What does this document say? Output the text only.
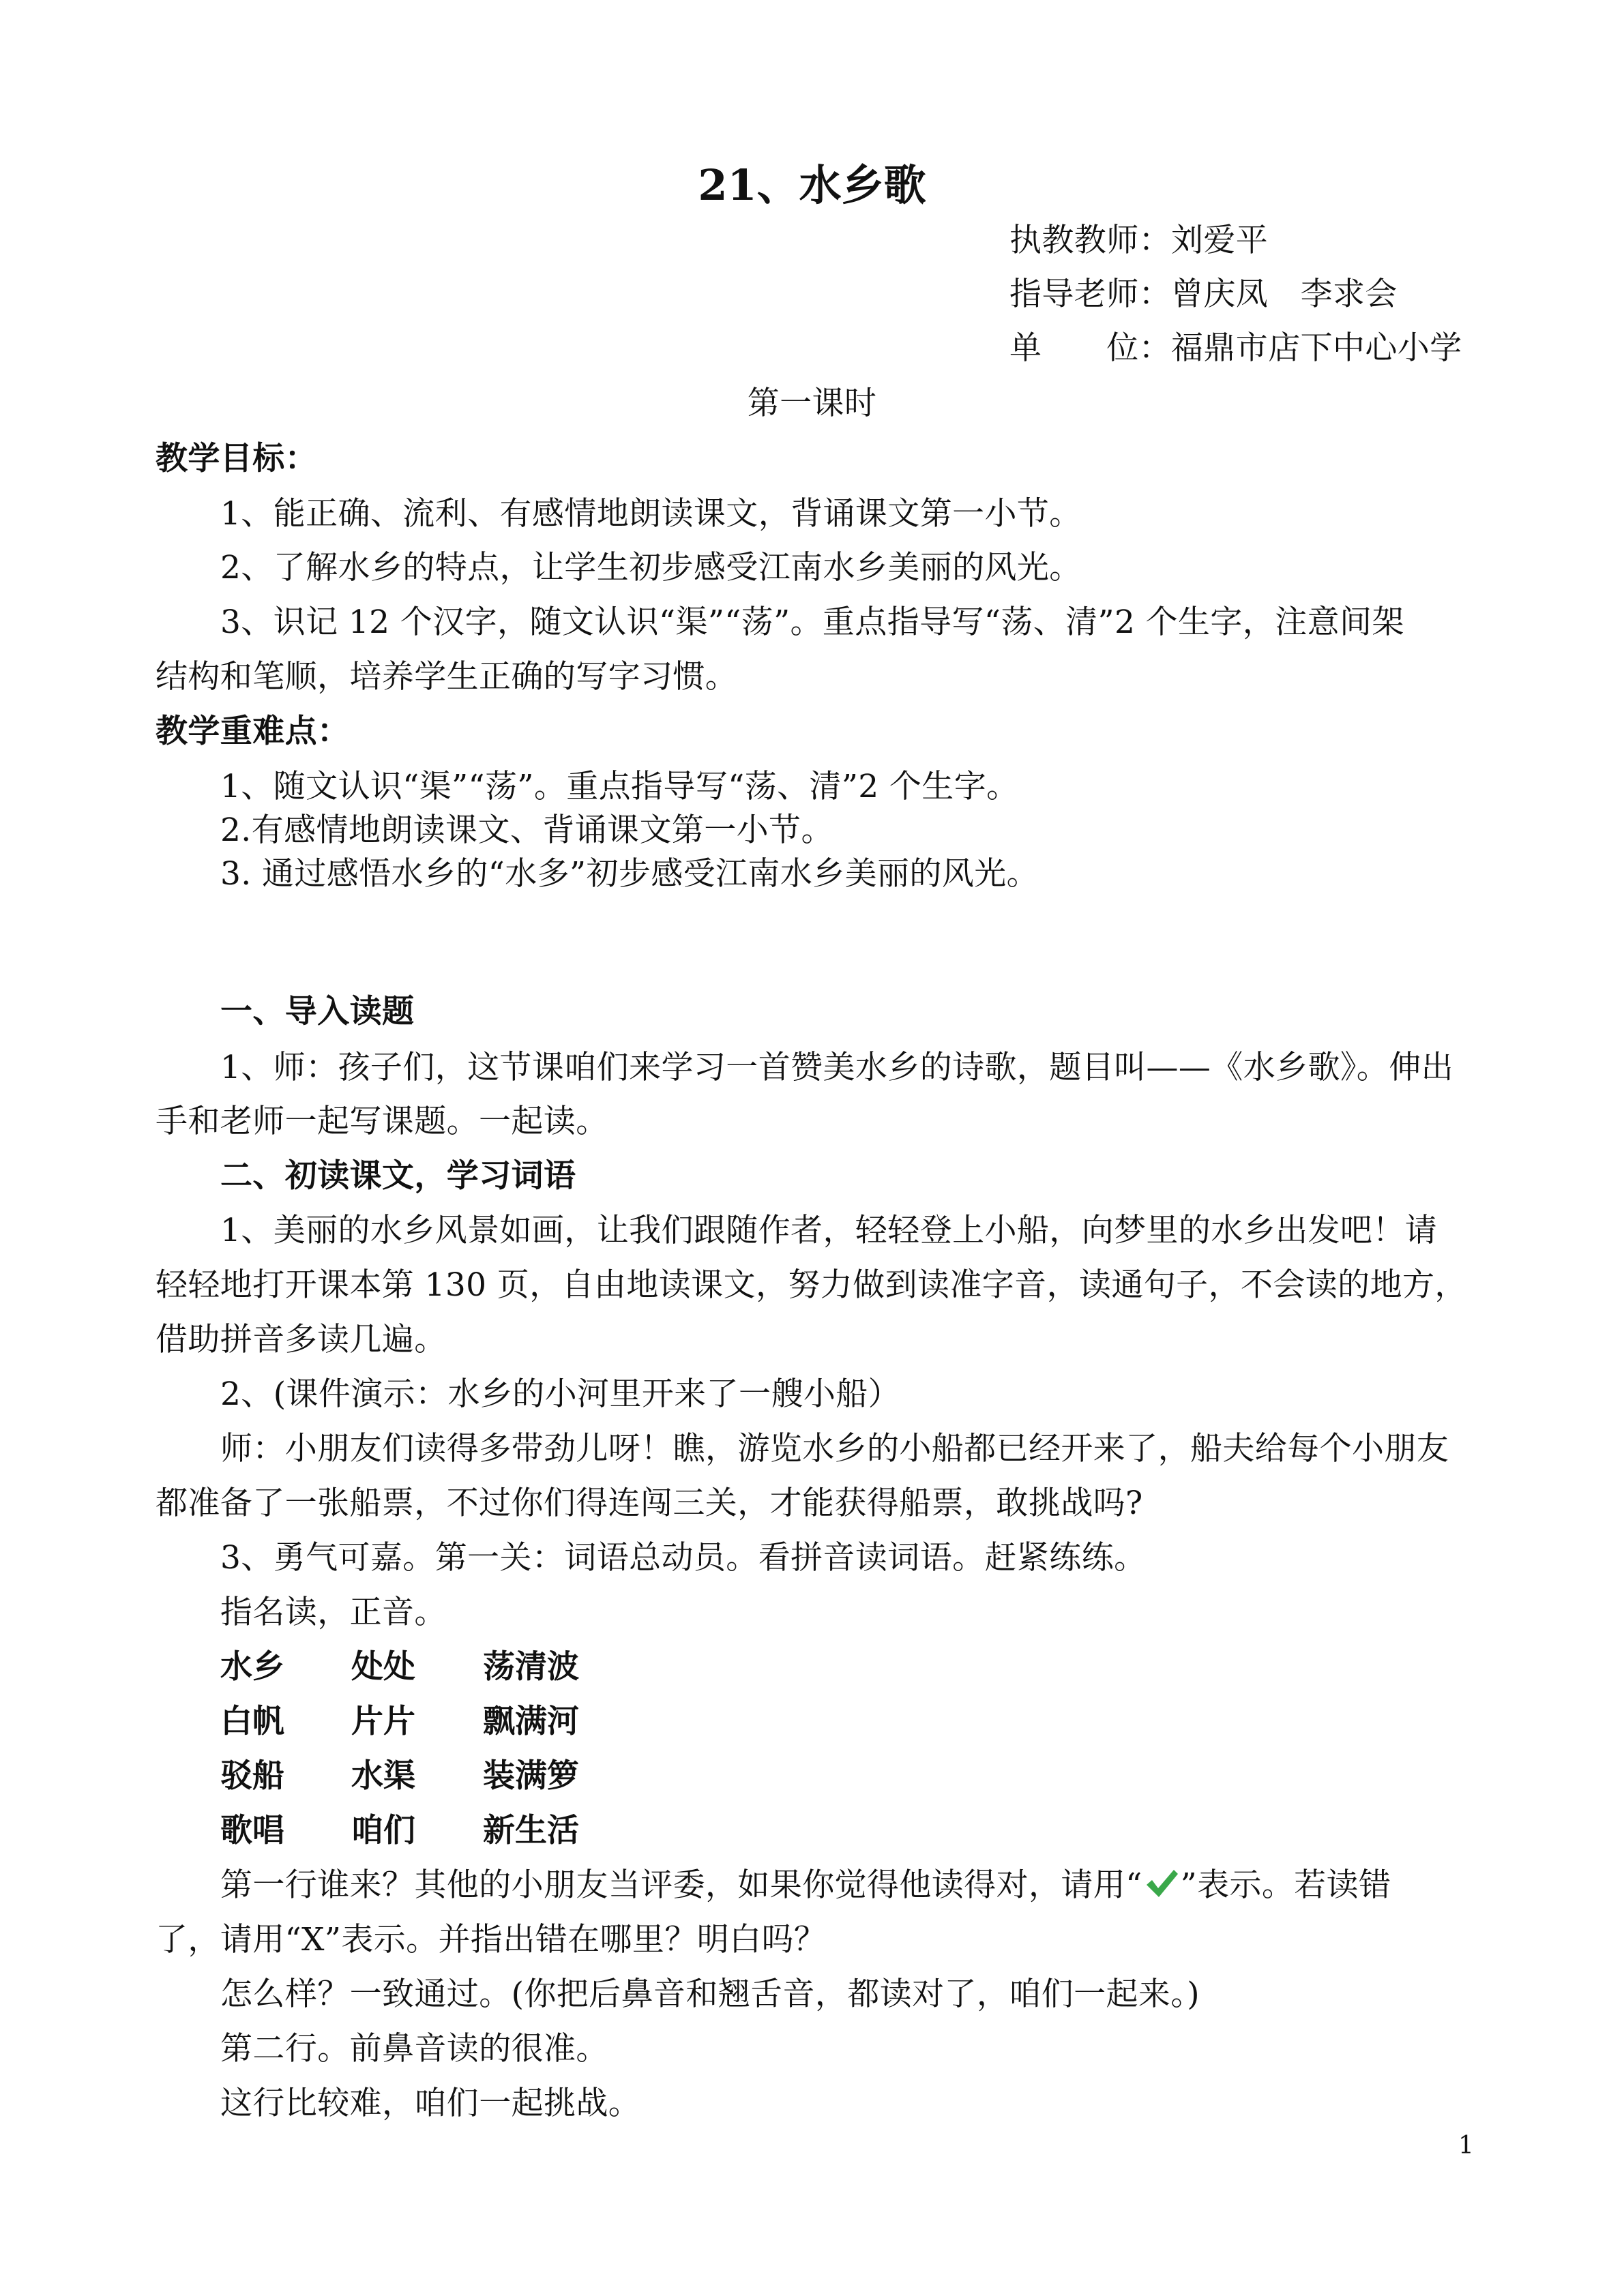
21、水乡歌
执教教师：刘爱平
指导老师：曾庆凤　李求会
单　　位：福鼎市店下中心小学
第一课时
教学目标：
1、能正确、流利、有感情地朗读课文，背诵课文第一小节。
2、了解水乡的特点，让学生初步感受江南水乡美丽的风光。
3、识记 12 个汉字，随文认识“渠”“荡”。重点指导写“荡、清”2 个生字，注意间架
结构和笔顺，培养学生正确的写字习惯。
教学重难点：
1、随文认识“渠”“荡”。重点指导写“荡、清”2 个生字。
2.有感情地朗读课文、背诵课文第一小节。
3. 通过感悟水乡的“水多”初步感受江南水乡美丽的风光。
一、导入读题
1、师：孩子们，这节课咱们来学习一首赞美水乡的诗歌，题目叫——《水乡歌》。伸出
手和老师一起写课题。一起读。
二、初读课文，学习词语
1、美丽的水乡风景如画，让我们跟随作者，轻轻登上小船，向梦里的水乡出发吧！请
轻轻地打开课本第 130 页，自由地读课文，努力做到读准字音，读通句子，不会读的地方，
借助拼音多读几遍。
2、(课件演示：水乡的小河里开来了一艘小船）
师：小朋友们读得多带劲儿呀！瞧，游览水乡的小船都已经开来了，船夫给每个小朋友
都准备了一张船票，不过你们得连闯三关，才能获得船票，敢挑战吗?
3、勇气可嘉。第一关：词语总动员。看拼音读词语。赶紧练练。
指名读，正音。
水乡 处处 荡清波
白帆 片片 飘满河
驳船 水渠 装满箩
歌唱 咱们 新生活
第一行谁来？其他的小朋友当评委，如果你觉得他读得对，请用“ ”表示。若读错
了，请用“X”表示。并指出错在哪里？明白吗？
怎么样？一致通过。(你把后鼻音和翘舌音，都读对了，咱们一起来。)
第二行。前鼻音读的很准。
这行比较难，咱们一起挑战。
1
